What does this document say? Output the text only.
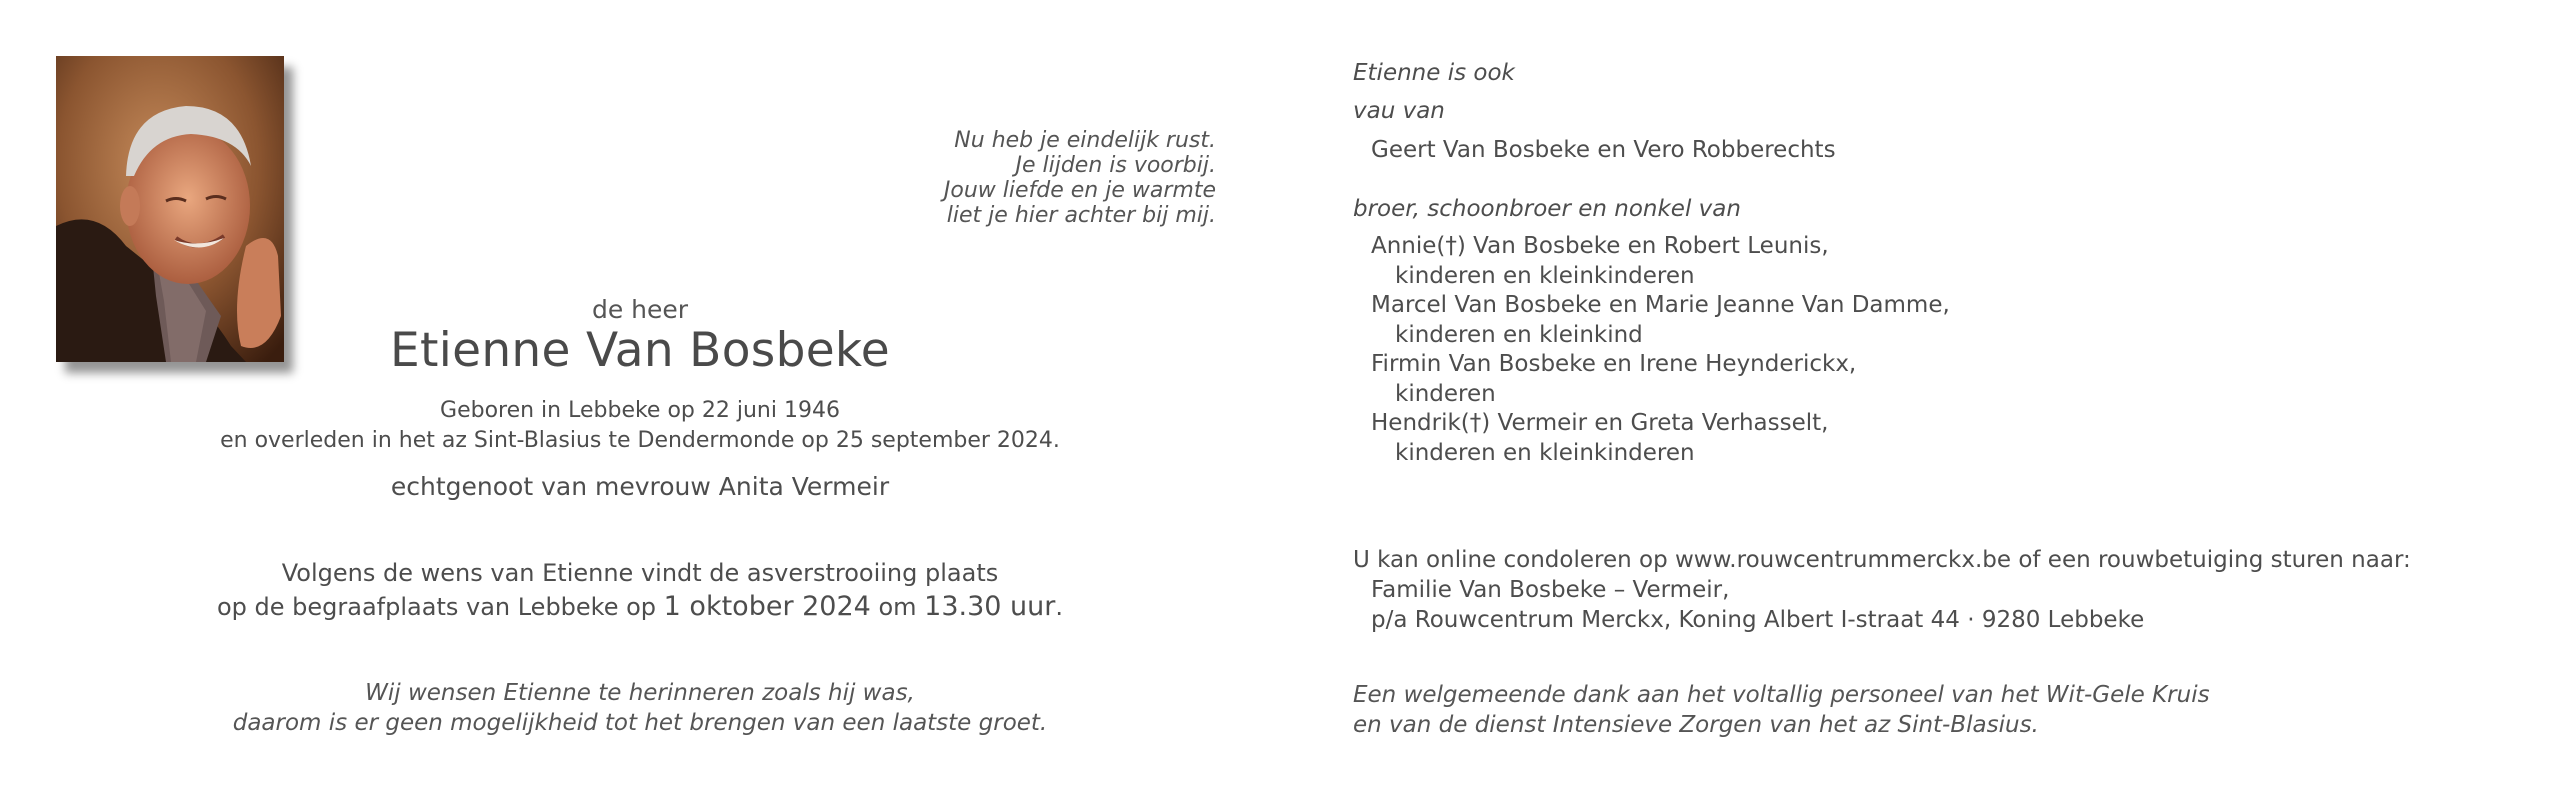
Nu heb je eindelijk rust.
Je lijden is voorbij.
Jouw liefde en je warmte
liet je hier achter bij mij.
de heer
Etienne Van Bosbeke
Geboren in Lebbeke op 22 juni 1946
en overleden in het az Sint-Blasius te Dendermonde op 25 september 2024.
echtgenoot van mevrouw Anita Vermeir
Volgens de wens van Etienne vindt de asverstrooiing plaats
op de begraafplaats van Lebbeke op 1 oktober 2024 om 13.30 uur.
Wij wensen Etienne te herinneren zoals hij was,
daarom is er geen mogelijkheid tot het brengen van een laatste groet.
Etienne is ook
vau van
Geert Van Bosbeke en Vero Robberechts
broer, schoonbroer en nonkel van
Annie(†) Van Bosbeke en Robert Leunis,
kinderen en kleinkinderen
Marcel Van Bosbeke en Marie Jeanne Van Damme,
kinderen en kleinkind
Firmin Van Bosbeke en Irene Heynderickx,
kinderen
Hendrik(†) Vermeir en Greta Verhasselt,
kinderen en kleinkinderen
U kan online condoleren op www.rouwcentrummerckx.be of een rouwbetuiging sturen naar:
Familie Van Bosbeke – Vermeir,
p/a Rouwcentrum Merckx, Koning Albert I-straat 44 · 9280 Lebbeke
Een welgemeende dank aan het voltallig personeel van het Wit-Gele Kruis
en van de dienst Intensieve Zorgen van het az Sint-Blasius.
